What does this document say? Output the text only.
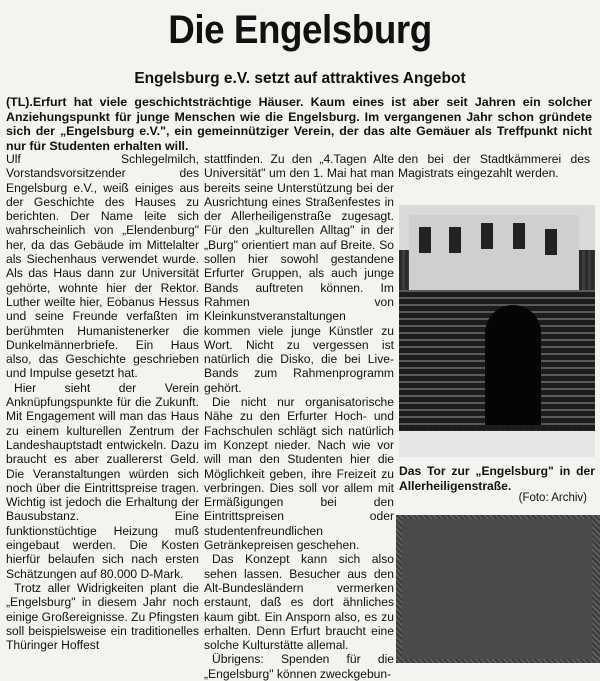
Die Engelsburg
Engelsburg e.V. setzt auf attraktives Angebot
(TL).Erfurt hat viele geschichtsträchtige Häuser. Kaum eines ist aber seit Jahren ein solcher Anziehungspunkt für junge Menschen wie die Engelsburg. Im vergangenen Jahr schon gründete sich der „Engelsburg e.V.", ein gemeinnütziger Verein, der das alte Gemäuer als Treffpunkt nicht nur für Studenten erhalten will.

Ulf Schlegelmilch, Vorstandsvorsitzender des Engelsburg e.V., weiß einiges aus der Geschichte des Hauses zu berichten. Der Name leite sich wahrscheinlich von „Elendenburg" her, da das Gebäude im Mittelalter als Siechenhaus verwendet wurde. Als das Haus dann zur Universität gehörte, wohnte hier der Rektor. Luther weilte hier, Eobanus Hessus und seine Freunde verfaßten im berühmten Humanistenerker die Dunkelmännerbriefe. Ein Haus also, das Geschichte geschrieben und Impulse gesetzt hat.

Hier sieht der Verein Anknüpfungspunkte für die Zukunft. Mit Engagement will man das Haus zu einem kulturellen Zentrum der Landeshauptstadt entwickeln. Dazu braucht es aber zuallererst Geld. Die Veranstaltungen würden sich noch über die Eintrittspreise tragen. Wichtig ist jedoch die Erhaltung der Bausubstanz. Eine funktionstüchtige Heizung muß eingebaut werden. Die Kosten hierfür belaufen sich nach ersten Schätzungen auf 80.000 D-Mark.

Trotz aller Widrigkeiten plant die „Engelsburg" in diesem Jahr noch einige Großereignisse. Zu Pfingsten soll beispielsweise ein traditionelles Thüringer Hoffest

stattfinden. Zu den „4.Tagen Alte Universität" um den 1. Mai hat man bereits seine Unterstützung bei der Ausrichtung eines Straßenfestes in der Allerheiligenstraße zugesagt. Für den „kulturellen Alltag" in der „Burg" orientiert man auf Breite. So sollen hier sowohl gestandene Erfurter Gruppen, als auch junge Bands auftreten können. Im Rahmen von Kleinkunstveranstaltungen kommen viele junge Künstler zu Wort. Nicht zu vergessen ist natürlich die Disko, die bei Live-Bands zum Rahmenprogramm gehört.

Die nicht nur organisatorische Nähe zu den Erfurter Hoch- und Fachschulen schlägt sich natürlich im Konzept nieder. Nach wie vor will man den Studenten hier die Möglichkeit geben, ihre Freizeit zu verbringen. Dies soll vor allem mit Ermäßigungen bei den Eintrittspreisen oder studentenfreundlichen Getränkepreisen geschehen.

Das Konzept kann sich also sehen lassen. Besucher aus den Alt-Bundesländern vermerken erstaunt, daß es dort ähnliches kaum gibt. Ein Ansporn also, es zu erhalten. Denn Erfurt braucht eine solche Kulturstätte allemal.

Übrigens: Spenden für die „Engelsburg" können zweckgebun-

den bei der Stadtkämmerei des Magistrats eingezahlt werden.

Das Tor zur „Engelsburg" in der Allerheiligenstraße.
(Foto: Archiv)
